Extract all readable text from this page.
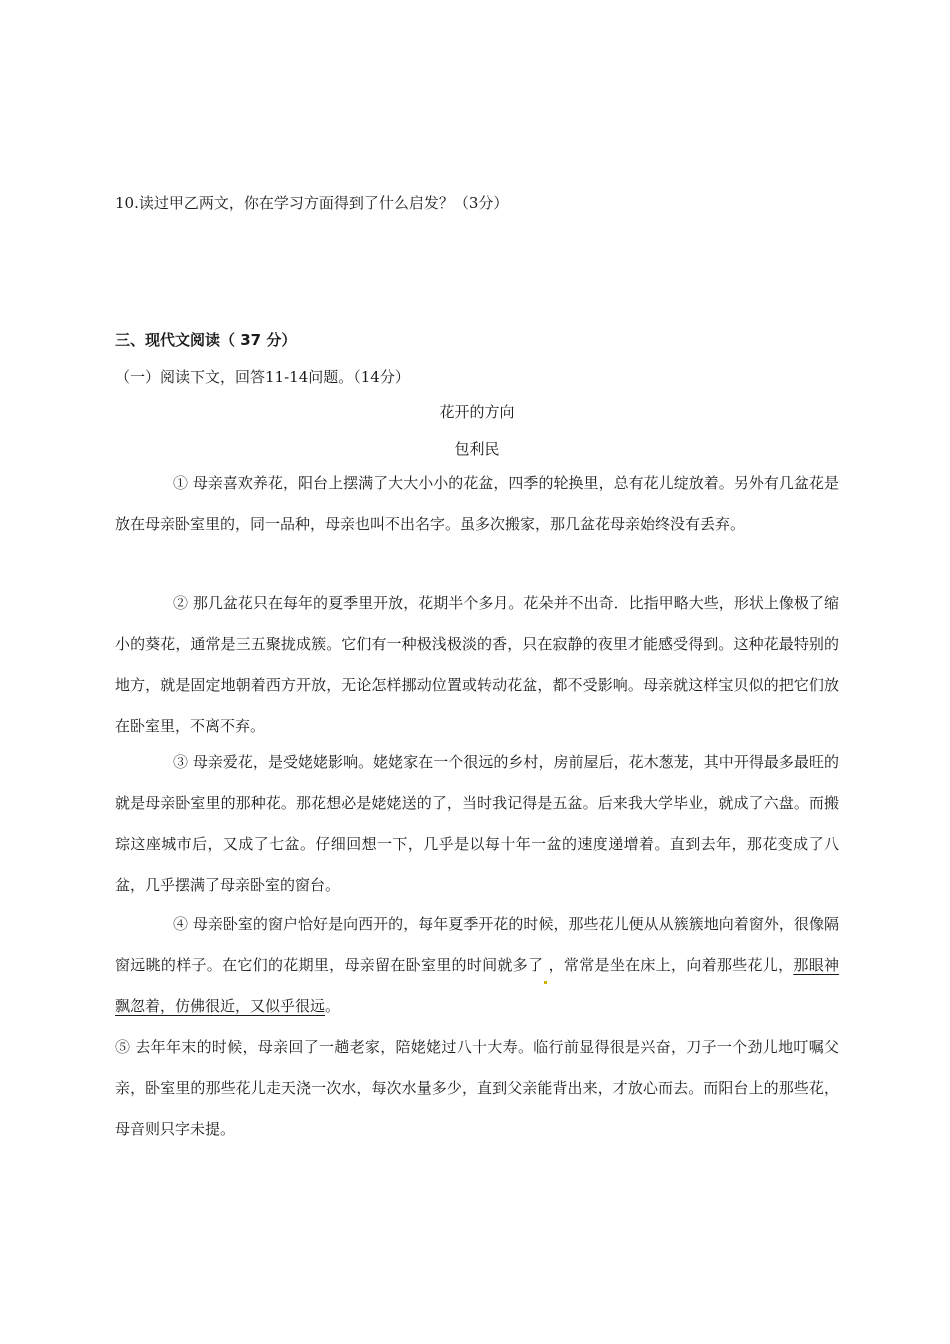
10.读过甲乙两文，你在学习方面得到了什么启发？（3分）
三、现代文阅读（ 37 分）
（一）阅读下文，回答11-14问题。（14分）
花开的方向
包利民

① 母亲喜欢养花，阳台上摆满了大大小小的花盆，四季的轮换里，总有花儿绽放着。另外有几盆花是放在母亲卧室里的，同一品种，母亲也叫不出名字。虽多次搬家，那几盆花母亲始终没有丢弃。

② 那几盆花只在每年的夏季里开放，花期半个多月。花朵并不出奇．比指甲略大些，形状上像极了缩小的葵花，通常是三五聚拢成簇。它们有一种极浅极淡的香，只在寂静的夜里才能感受得到。这种花最特别的地方，就是固定地朝着西方开放，无论怎样挪动位置或转动花盆，都不受影响。母亲就这样宝贝似的把它们放在卧室里，不离不弃。

③ 母亲爱花，是受姥姥影响。姥姥家在一个很远的乡村，房前屋后，花木葱茏，其中开得最多最旺的就是母亲卧室里的那种花。那花想必是姥姥送的了，当时我记得是五盆。后来我大学毕业，就成了六盘。而搬琮这座城市后，又成了七盆。仔细回想一下，几乎是以每十年一盆的速度递增着。直到去年，那花变成了八盆，几乎摆满了母亲卧室的窗台。

④ 母亲卧室的窗户恰好是向西开的，每年夏季开花的时候，那些花儿便从从簇簇地向着窗外，很像隔窗远眺的样子。在它们的花期里，母亲留在卧室里的时间就多了 ，常常是坐在床上，向着那些花儿，那眼神飘忽着，仿佛很近，又似乎很远。

⑤ 去年年末的时候，母亲回了一趟老家，陪姥姥过八十大寿。临行前显得很是兴奋，刀子一个劲儿地叮嘱父亲，卧室里的那些花儿走天浇一次水，每次水量多少，直到父亲能背出来，才放心而去。而阳台上的那些花，母音则只字未提。
